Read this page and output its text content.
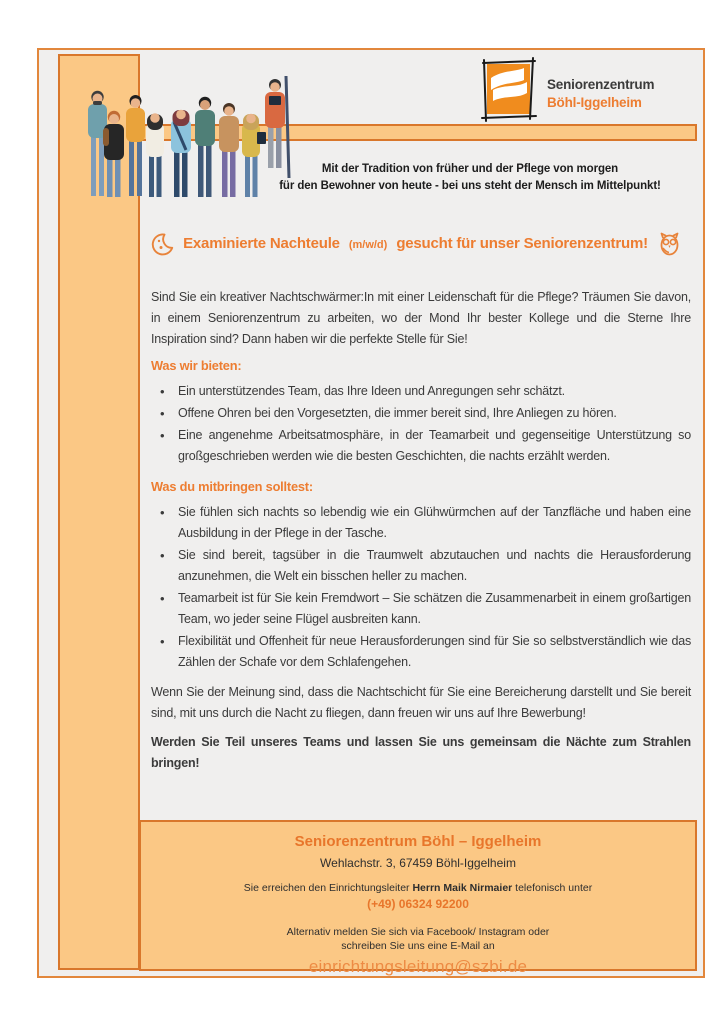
Seniorenzentrum
Böhl-Iggelheim
Mit der Tradition von früher und der Pflege von morgen
für den Bewohner von heute - bei uns steht der Mensch im Mittelpunkt!
Examinierte Nachteule (m/w/d) gesucht für unser Seniorenzentrum!

Sind Sie ein kreativer Nachtschwärmer:In mit einer Leidenschaft für die Pflege? Träumen Sie davon, in einem Seniorenzentrum zu arbeiten, wo der Mond Ihr bester Kollege und die Sterne Ihre Inspiration sind? Dann haben wir die perfekte Stelle für Sie!

Was wir bieten:
• Ein unterstützendes Team, das Ihre Ideen und Anregungen sehr schätzt.
• Offene Ohren bei den Vorgesetzten, die immer bereit sind, Ihre Anliegen zu hören.
• Eine angenehme Arbeitsatmosphäre, in der Teamarbeit und gegenseitige Unterstützung so großgeschrieben werden wie die besten Geschichten, die nachts erzählt werden.
Was du mitbringen solltest:
• Sie fühlen sich nachts so lebendig wie ein Glühwürmchen auf der Tanzfläche und haben eine Ausbildung in der Pflege in der Tasche.
• Sie sind bereit, tagsüber in die Traumwelt abzutauchen und nachts die Herausforderung anzunehmen, die Welt ein bisschen heller zu machen.
• Teamarbeit ist für Sie kein Fremdwort – Sie schätzen die Zusammenarbeit in einem großartigen Team, wo jeder seine Flügel ausbreiten kann.
• Flexibilität und Offenheit für neue Herausforderungen sind für Sie so selbstverständlich wie das Zählen der Schafe vor dem Schlafengehen.

Wenn Sie der Meinung sind, dass die Nachtschicht für Sie eine Bereicherung darstellt und Sie bereit sind, mit uns durch die Nacht zu fliegen, dann freuen wir uns auf Ihre Bewerbung!

Werden Sie Teil unseres Teams und lassen Sie uns gemeinsam die Nächte zum Strahlen bringen!

Seniorenzentrum Böhl – Iggelheim
Wehlachstr. 3, 67459 Böhl-Iggelheim
Sie erreichen den Einrichtungsleiter Herrn Maik Nirmaier telefonisch unter
(+49) 06324 92200
Alternativ melden Sie sich via Facebook/ Instagram oder
schreiben Sie uns eine E-Mail an
einrichtungsleitung@szbi.de
